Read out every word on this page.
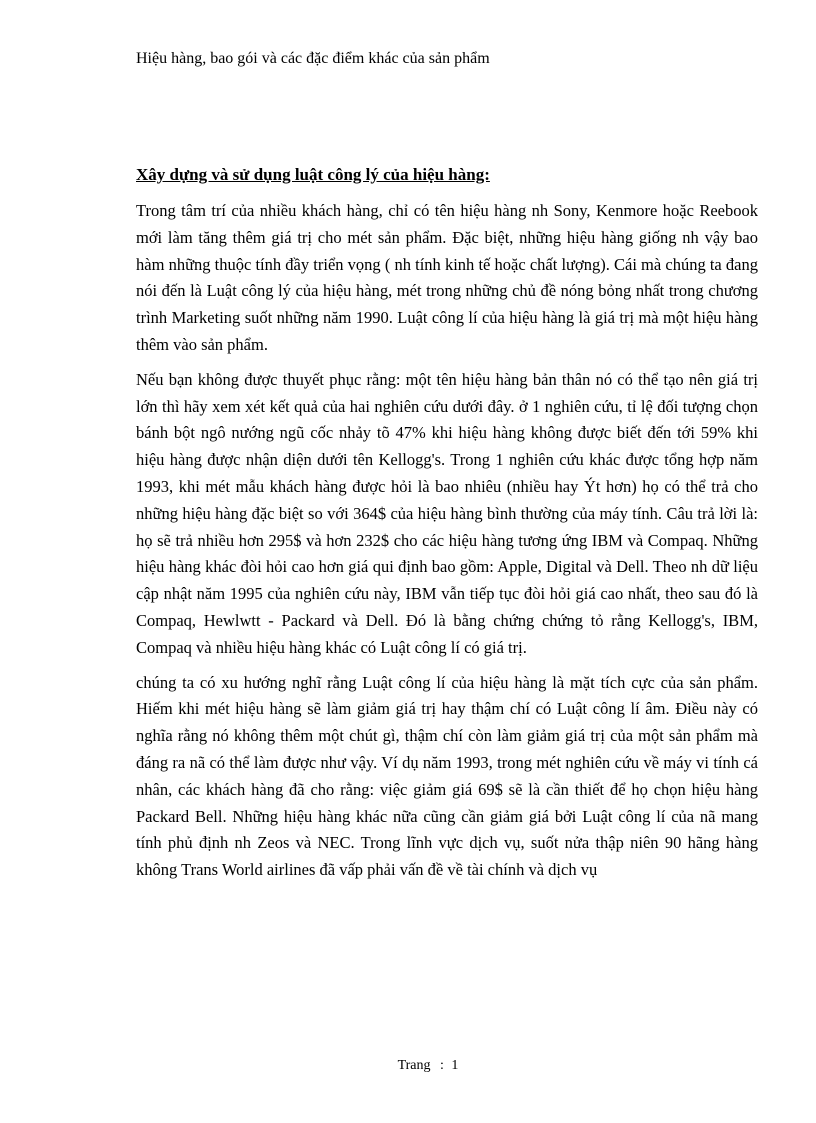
Hiệu hàng, bao gói và các đặc điểm khác của sản phẩm
Xây dựng và sử dụng luật công lý của hiệu hàng:

Trong tâm trí của nhiều khách hàng, chỉ có tên hiệu hàng nh Sony, Kenmore hoặc Reebook mới làm tăng thêm giá trị cho mét sản phẩm. Đặc biệt, những hiệu hàng giống nh vậy bao hàm những thuộc tính đầy triển vọng ( nh tính kinh tế hoặc chất lượng). Cái mà chúng ta đang nói đến là Luật công lý của hiệu hàng, mét trong những chủ đề nóng bỏng nhất trong chương trình Marketing suốt những năm 1990. Luật công lí của hiệu hàng là giá trị mà một hiệu hàng thêm vào sản phẩm.

Nếu bạn không được thuyết phục rằng: một tên hiệu hàng bản thân nó có thể tạo nên giá trị lớn thì hãy xem xét kết quả của hai nghiên cứu dưới đây. ở 1 nghiên cứu, tỉ lệ đối tượng chọn bánh bột ngô nướng ngũ cốc nhảy tõ 47% khi hiệu hàng không được biết đến tới 59% khi hiệu hàng được nhận diện dưới tên Kellogg's. Trong 1 nghiên cứu khác được tổng hợp năm 1993, khi mét mẫu khách hàng được hỏi là bao nhiêu (nhiều hay Ýt hơn) họ có thể trả cho những hiệu hàng đặc biệt so với 364$ của hiệu hàng bình thường của máy tính. Câu trả lời là: họ sẽ trả nhiều hơn 295$ và hơn 232$ cho các hiệu hàng tương ứng IBM và Compaq. Những hiệu hàng khác đòi hỏi cao hơn giá qui định bao gồm: Apple, Digital và Dell. Theo nh dữ liệu cập nhật năm 1995 của nghiên cứu này, IBM vẫn tiếp tục đòi hỏi giá cao nhất, theo sau đó là Compaq, Hewlwtt - Packard và Dell. Đó là bằng chứng chứng tỏ rằng Kellogg's, IBM, Compaq và nhiều hiệu hàng khác có Luật công lí có giá trị.

chúng ta có xu hướng nghĩ rằng Luật công lí của hiệu hàng là mặt tích cực của sản phẩm. Hiếm khi mét hiệu hàng sẽ làm giảm giá trị hay thậm chí có Luật công lí âm. Điều này có nghĩa rằng nó không thêm một chút gì, thậm chí còn làm giảm giá trị của một sản phẩm mà đáng ra nã có thể làm được như vậy. Ví dụ năm 1993, trong mét nghiên cứu về máy vi tính cá nhân, các khách hàng đã cho rằng: việc giảm giá 69$ sẽ là cần thiết để họ chọn hiệu hàng Packard Bell. Những hiệu hàng khác nữa cũng cần giảm giá bởi Luật công lí của nã mang tính phủ định nh Zeos và NEC. Trong lĩnh vực dịch vụ, suốt nửa thập niên 90 hãng hàng không Trans World airlines đã vấp phải vấn đề về tài chính và dịch vụ

Trang : 1
